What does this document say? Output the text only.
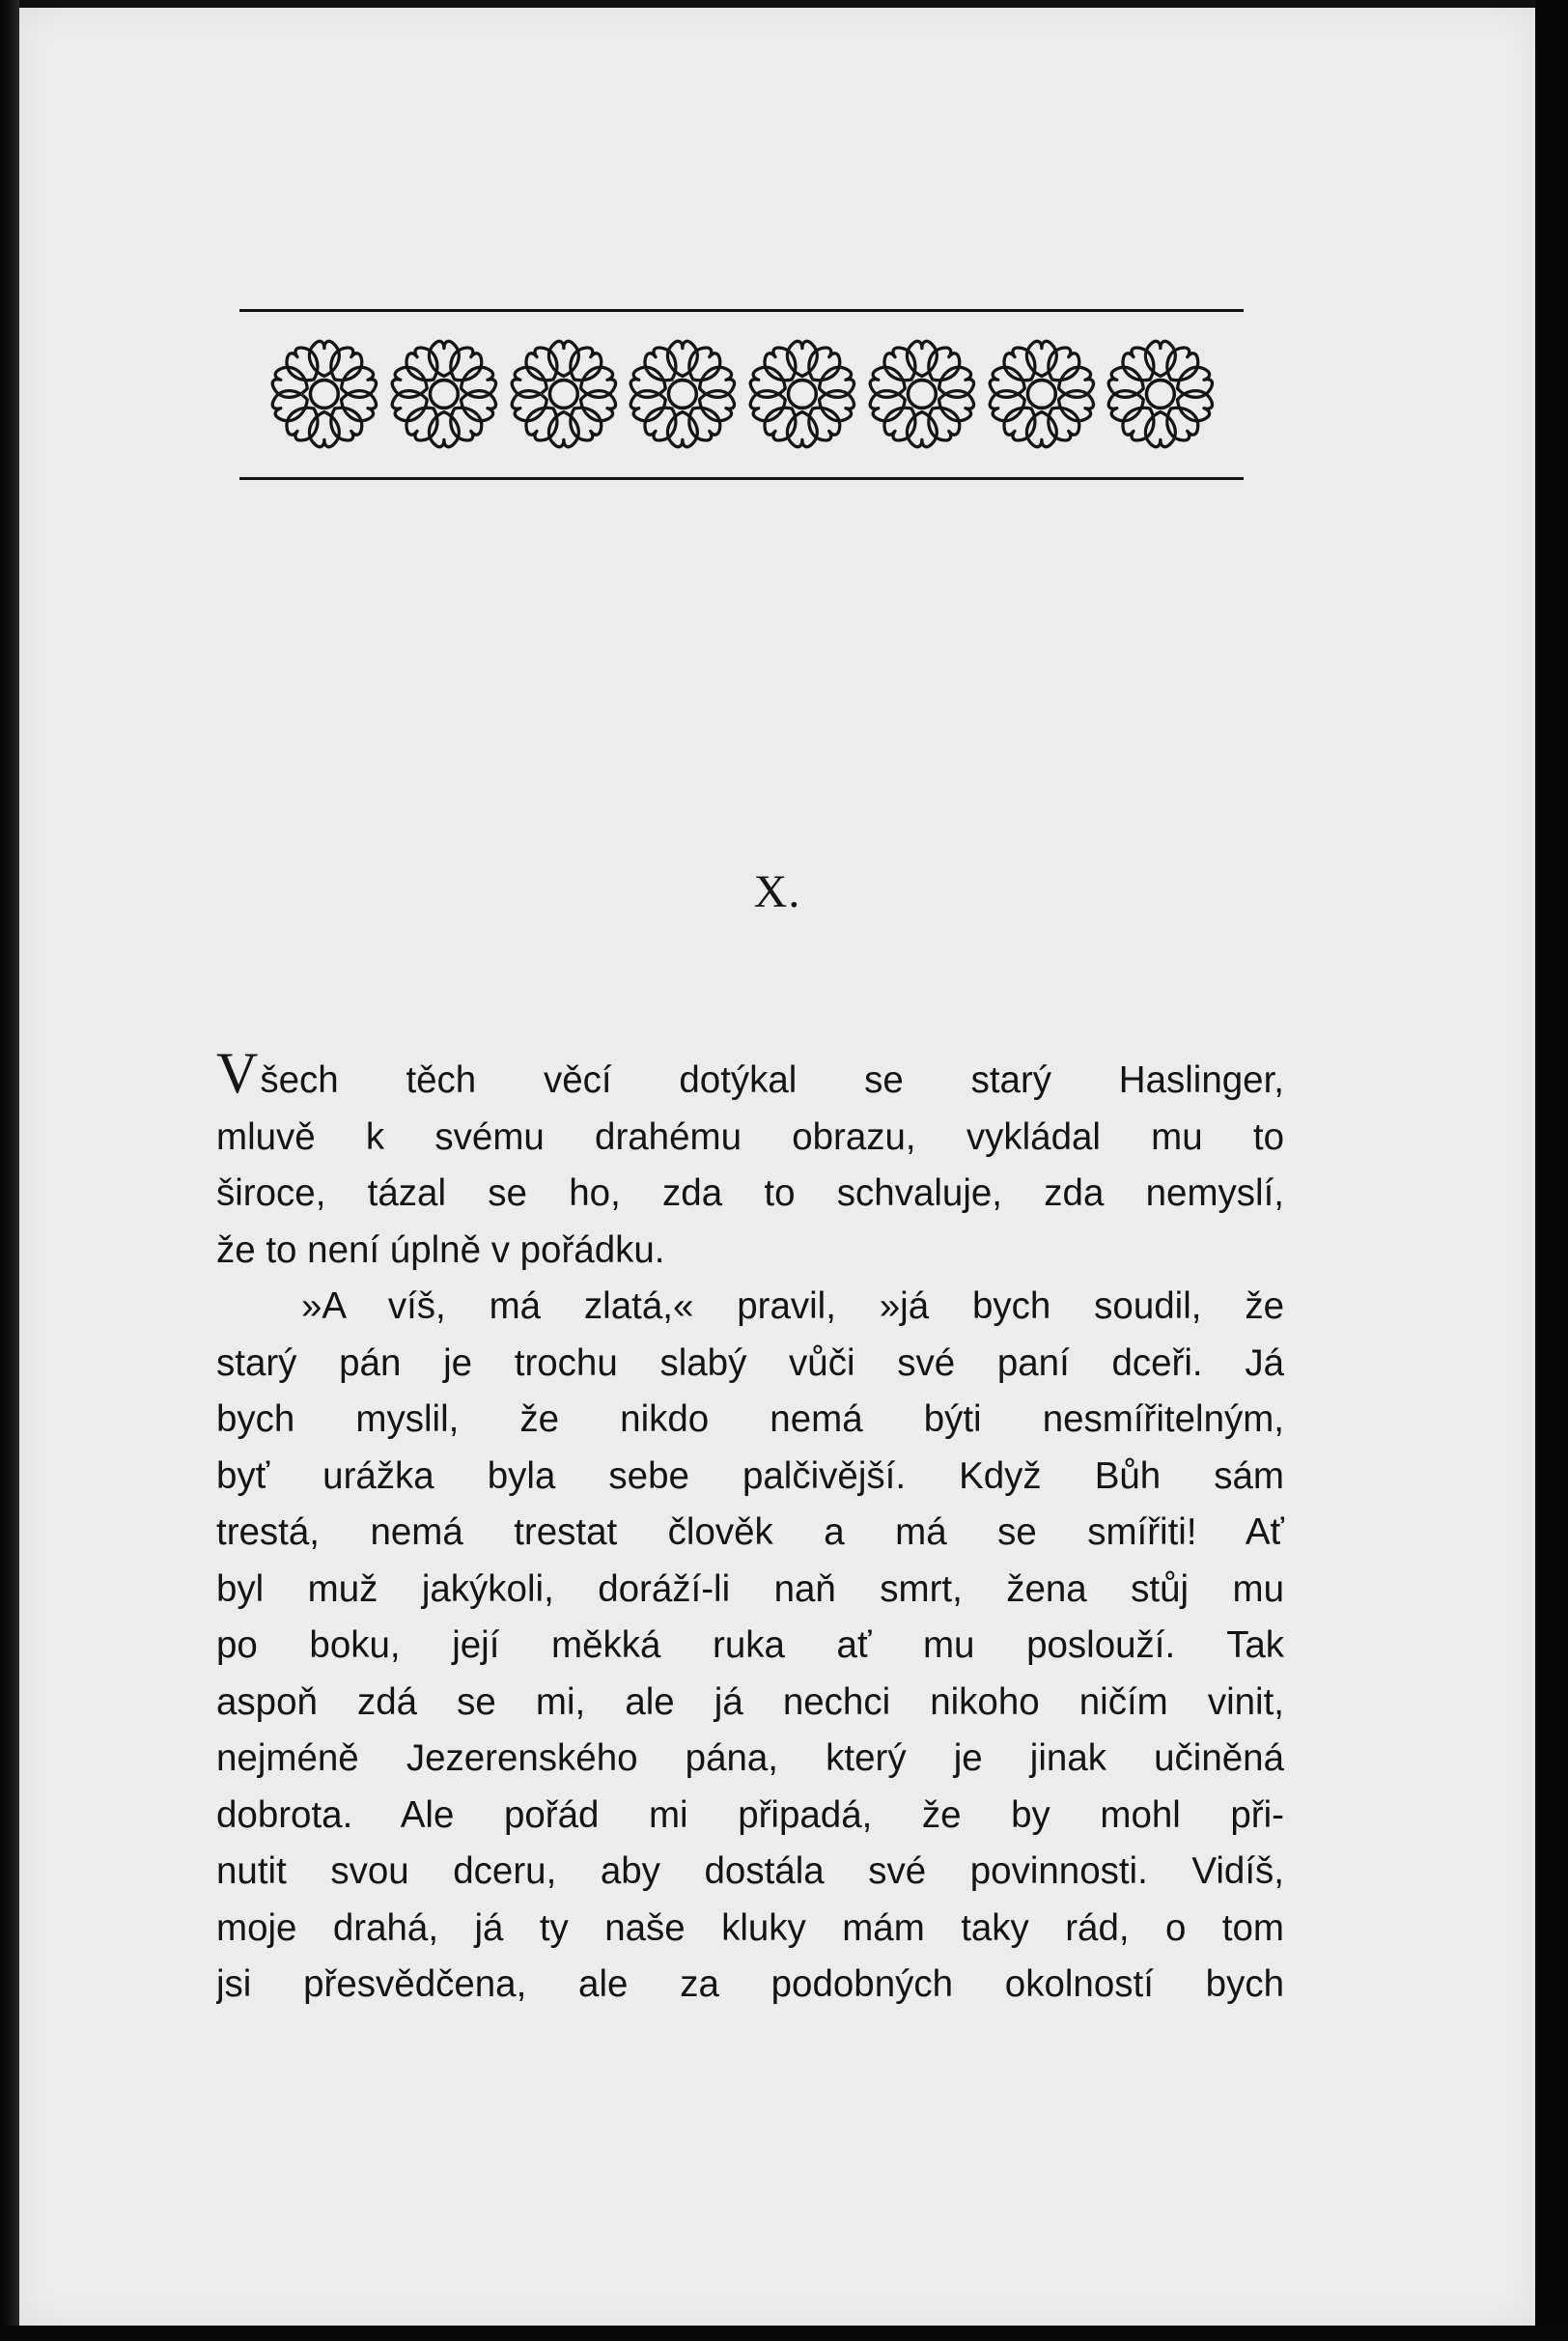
X.
Všech těch věcí dotýkal se starý Haslinger,
mluvě k svému drahému obrazu, vykládal mu to
široce, tázal se ho, zda to schvaluje, zda nemyslí,
že to není úplně v pořádku.
»A víš, má zlatá,« pravil, »já bych soudil, že
starý pán je trochu slabý vůči své paní dceři. Já
bych myslil, že nikdo nemá býti nesmířitelným,
byť urážka byla sebe palčivější. Když Bůh sám
trestá, nemá trestat člověk a má se smířiti! Ať
byl muž jakýkoli, doráží-li naň smrt, žena stůj mu
po boku, její měkká ruka ať mu poslouží. Tak
aspoň zdá se mi, ale já nechci nikoho ničím vinit,
nejméně Jezerenského pána, který je jinak učiněná
dobrota. Ale pořád mi připadá, že by mohl při-
nutit svou dceru, aby dostála své povinnosti. Vidíš,
moje drahá, já ty naše kluky mám taky rád, o tom
jsi přesvědčena, ale za podobných okolností bych
